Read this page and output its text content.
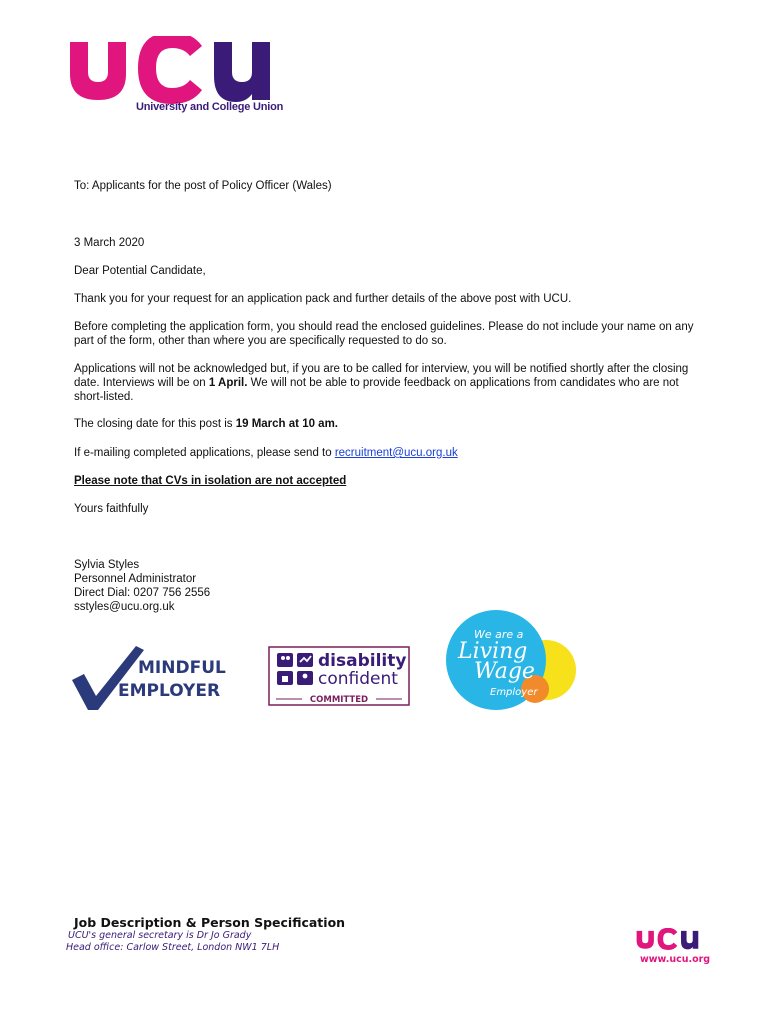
University and College Union
To: Applicants for the post of Policy Officer (Wales)
3 March 2020
Dear Potential Candidate,
Thank you for your request for an application pack and further details of the above post with UCU.
Before completing the application form, you should read the enclosed guidelines. Please do not include your name on any part of the form, other than where you are specifically requested to do so.
Applications will not be acknowledged but, if you are to be called for interview, you will be notified shortly after the closing date. Interviews will be on 1 April. We will not be able to provide feedback on applications from candidates who are not short-listed.
The closing date for this post is 19 March at 10 am.
If e-mailing completed applications, please send to recruitment@ucu.org.uk
Please note that CVs in isolation are not accepted
Yours faithfully
Sylvia Styles
Personnel Administrator
Direct Dial: 0207 756 2556
sstyles@ucu.org.uk
MINDFUL
EMPLOYER
disability
confident
COMMITTED
We are a
Living
Wage
Employer
Job Description & Person Specification
UCU's general secretary is Dr Jo Grady
Head office: Carlow Street, London NW1 7LH
www.ucu.org
